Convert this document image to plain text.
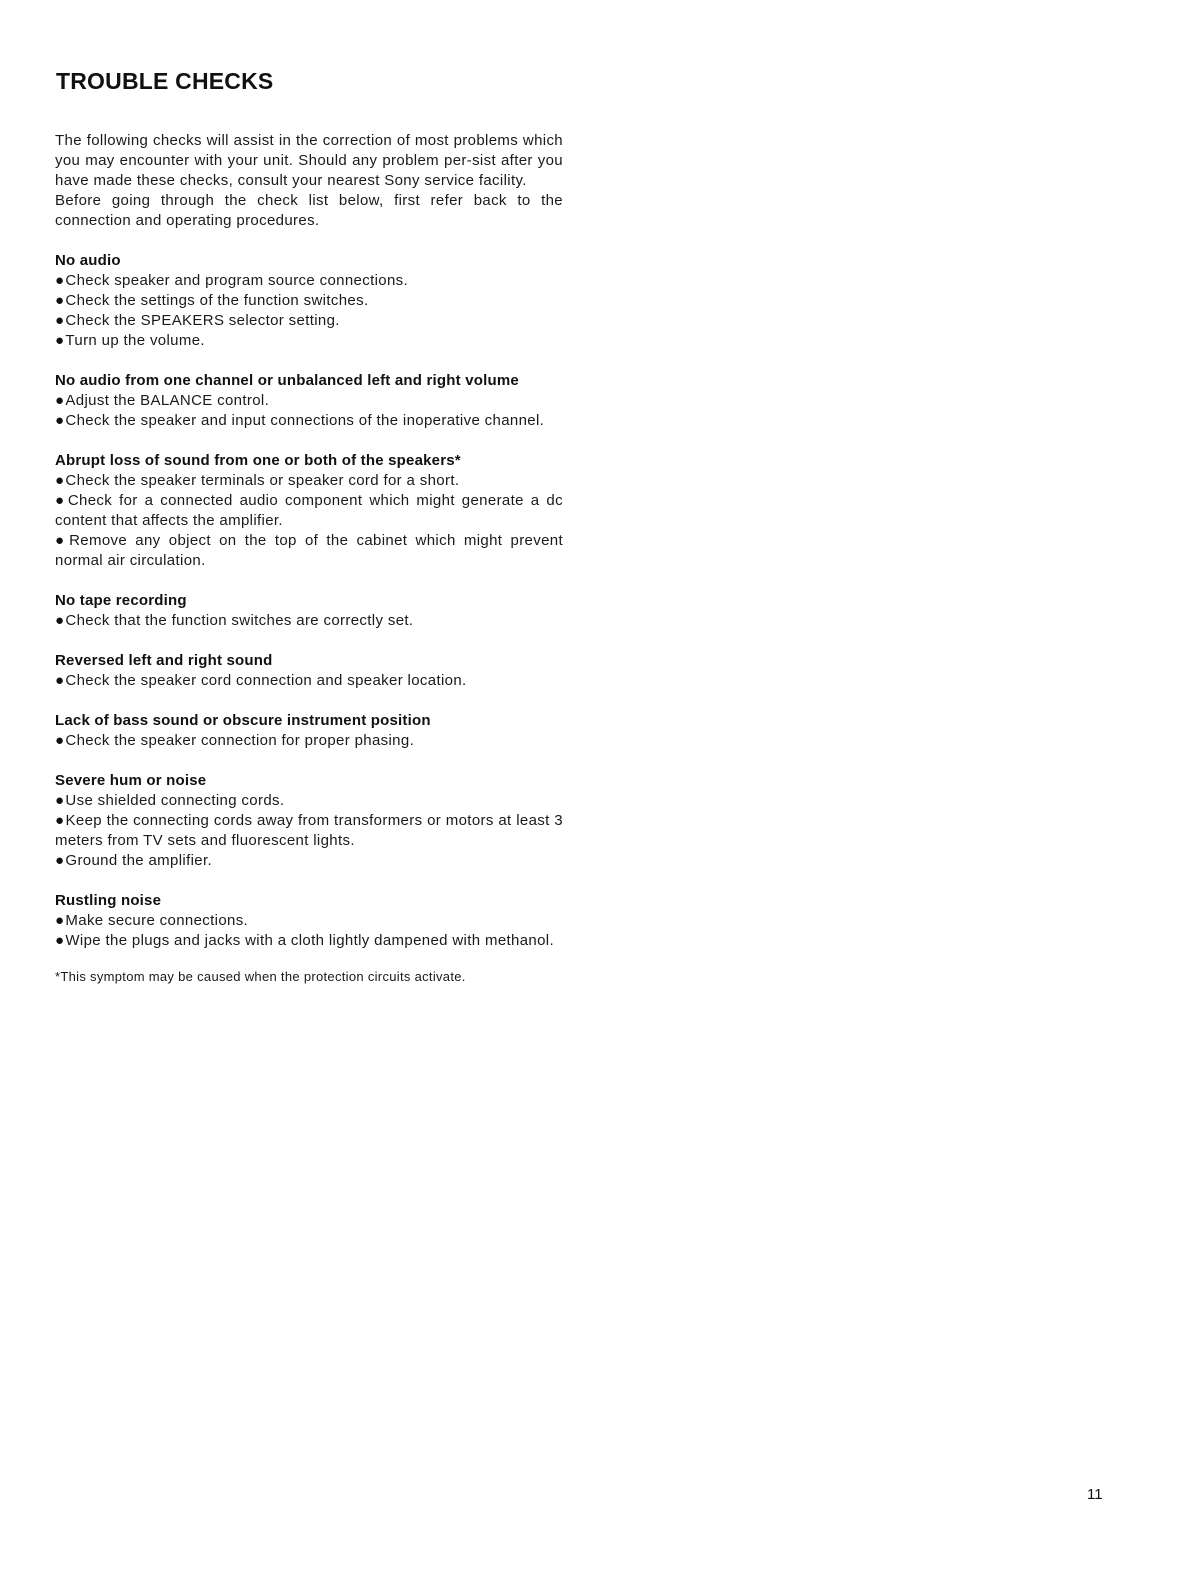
TROUBLE CHECKS

The following checks will assist in the correction of most problems which you may encounter with your unit. Should any problem per-sist after you have made these checks, consult your nearest Sony service facility.

Before going through the check list below, first refer back to the connection and operating procedures.

No audio
●Check speaker and program source connections.
●Check the settings of the function switches.
●Check the SPEAKERS selector setting.
●Turn up the volume.
No audio from one channel or unbalanced left and right volume
●Adjust the BALANCE control.
●Check the speaker and input connections of the inoperative channel.
Abrupt loss of sound from one or both of the speakers*
●Check the speaker terminals or speaker cord for a short.
●Check for a connected audio component which might generate a dc content that affects the amplifier.
●Remove any object on the top of the cabinet which might prevent normal air circulation.
No tape recording
●Check that the function switches are correctly set.
Reversed left and right sound
●Check the speaker cord connection and speaker location.
Lack of bass sound or obscure instrument position
●Check the speaker connection for proper phasing.
Severe hum or noise
●Use shielded connecting cords.
●Keep the connecting cords away from transformers or motors at least 3 meters from TV sets and fluorescent lights.
●Ground the amplifier.
Rustling noise
●Make secure connections.
●Wipe the plugs and jacks with a cloth lightly dampened with methanol.

*This symptom may be caused when the protection circuits activate.

11
